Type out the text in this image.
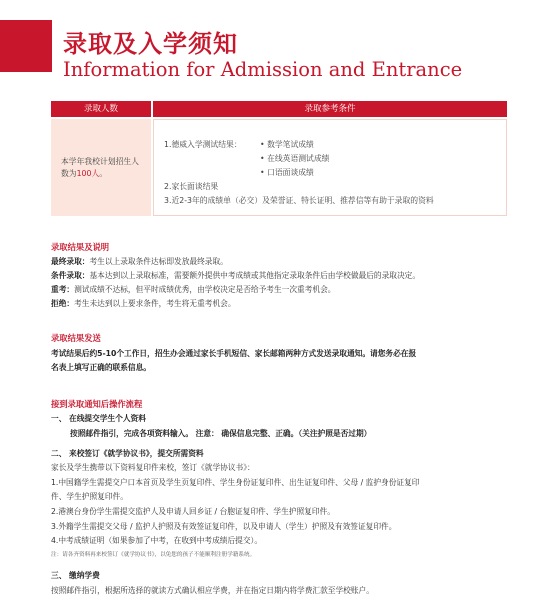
录取及入学须知
Information for Admission and Entrance
录取人数	录取参考条件
本学年我校计划招生人数为100人。
1.德威入学测试结果： • 数学笔试成绩
• 在线英语测试成绩
• 口语面谈成绩
2.家长面谈结果
3.近2-3年的成绩单（必交）及荣誉证、特长证明、推荐信等有助于录取的资料
录取结果及说明
最终录取：考生以上录取条件达标即发放最终录取。
条件录取：基本达到以上录取标准，需要额外提供中考成绩或其他指定录取条件后由学校做最后的录取决定。
重考：测试成绩不达标，但平时成绩优秀，由学校决定是否给予考生一次重考机会。
拒绝：考生未达到以上要求条件，考生将无重考机会。
录取结果发送
考试结果后约5-10个工作日，招生办会通过家长手机短信、家长邮箱两种方式发送录取通知。请您务必在报
名表上填写正确的联系信息。
接到录取通知后操作流程
一、 在线提交学生个人资料
按照邮件指引，完成各项资料输入。 注意： 确保信息完整、正确。（关注护照是否过期）
二、 来校签订《就学协议书》，提交所需资料
家长及学生携带以下资料复印件来校，签订《就学协议书》：
1.中国籍学生需提交户口本首页及学生页复印件、学生身份证复印件、出生证复印件、父母 / 监护身份证复印
件、学生护照复印件。
2.港澳台身份学生需提交监护人及申请人回乡证 / 台胞证复印件、学生护照复印件。
3.外籍学生需提交父母 / 监护人护照及有效签证复印件，以及申请人（学生）护照及有效签证复印件。
4.中考成绩证明（如果参加了中考，在收到中考成绩后提交）。
注：请各齐资料再来校签订《就学协议书》，以免您的孩子不能顺利注册学籍系统。
三、 缴纳学费
按照邮件指引，根据所选择的就读方式确认相应学费，并在指定日期内将学费汇款至学校账户。
